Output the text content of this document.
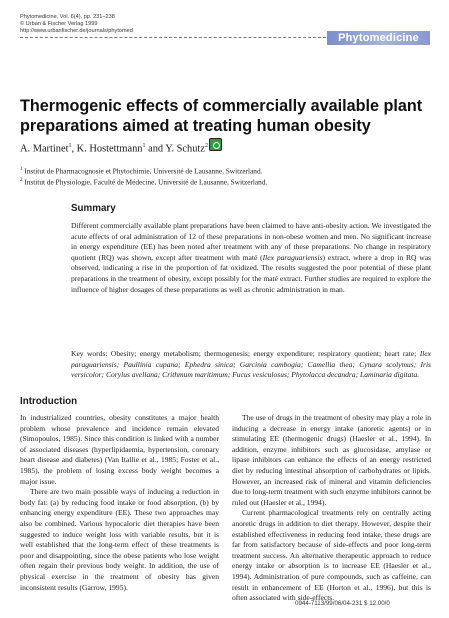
Phytomedicine, Vol. 6(4), pp. 231–238
© Urban & Fischer Verlag 1999
http://www.urbanfischer.de/journals/phytomed
Phytomedicine
Thermogenic effects of commercially available plant preparations aimed at treating human obesity
A. Martinet$^1$, K. Hostettmann$^1$ and Y. Schutz$^2$
$^1$ Institut de Pharmacognosie et Phytochimie, Université de Lausanne, Switzerland.
$^2$ Institut de Physiologie, Faculté de Médecine, Université de Lausanne, Switzerland.
Summary
Different commercially available plant preparations have been claimed to have anti-obesity action. We investigated the acute effects of oral administration of 12 of these preparations in non-obese women and men. No significant increase in energy expenditure (EE) has been noted after treatment with any of these preparations. No change in respiratory quotient (RQ) was shown, except after treatment with maté (Ilex paraguariensis) extract, where a drop in RQ was observed, indicating a rise in the proportion of fat oxidized. The results suggested the poor potential of these plant preparations in the treatment of obesity, except possibly for the maté extract. Further studies are required to explore the influence of higher dosages of these preparations as well as chronic administration in man.
Key words: Obesity; energy metabolism; thermogenesis; energy expenditure; respiratory quotient; heart rate; Ilex paraguariensis; Paullinia cupana; Ephedra sinica; Garcinia cambogia; Camellia thea; Cynara scolymus; Iris versicolor; Corylus avellana; Crithmum maritimum; Fucus vesiculosus; Phytolacca decandra; Laminaria digitata.
Introduction

In industrialized countries, obesity constitutes a major health problem whose prevalence and incidence remain elevated (Simopoulos, 1985). Since this condition is linked with a number of associated diseases (hyperlipidaemia, hypertension, coronary heart disease and diabetes) (Van Itallie et al., 1985; Foster et al., 1985), the problem of losing excess body weight becomes a major issue.

There are two main possible ways of inducing a reduction in body fat: (a) by reducing food intake or food absorption, (b) by enhancing energy expenditure (EE). These two approaches may also be combined. Various hypocaloric diet therapies have been suggested to induce weight loss with variable results, but it is well established that the long-term effect of these treatments is poor and disappointing, since the obese patients who lose weight often regain their previous body weight. In addition, the use of physical exercise in the treatment of obesity has given inconsistent results (Garrow, 1995).

The use of drugs in the treatment of obesity may play a role in inducing a decrease in energy intake (anoretic agents) or in stimulating EE (thermogenic drugs) (Haesler et al., 1994). In addition, enzyme inhibitors such as glucosidase, amylase or lipase inhibitors can enhance the effects of an energy restricted diet by reducing intestinal absorption of carbohydrates or lipids. However, an increased risk of mineral and vitamin deficiencies due to long-term treatment with such enzyme inhibitors cannot be ruled out (Haesler et al., 1994).

Current pharmacological treatments rely on centrally acting anoretic drugs in addition to diet therapy. However, despite their established effectiveness in reducing food intake, these drugs are far from satisfactory because of side-effects and poor long-term treatment success. An alternative therapeutic approach to reduce energy intake or absorption is to increase EE (Haesler et al., 1994). Administration of pure compounds, such as caffeine, can result in enhancement of EE (Horton et al., 1996), but this is often associated with side-effects.

0944-7113/99/06/04-231 $ 12.00/0
